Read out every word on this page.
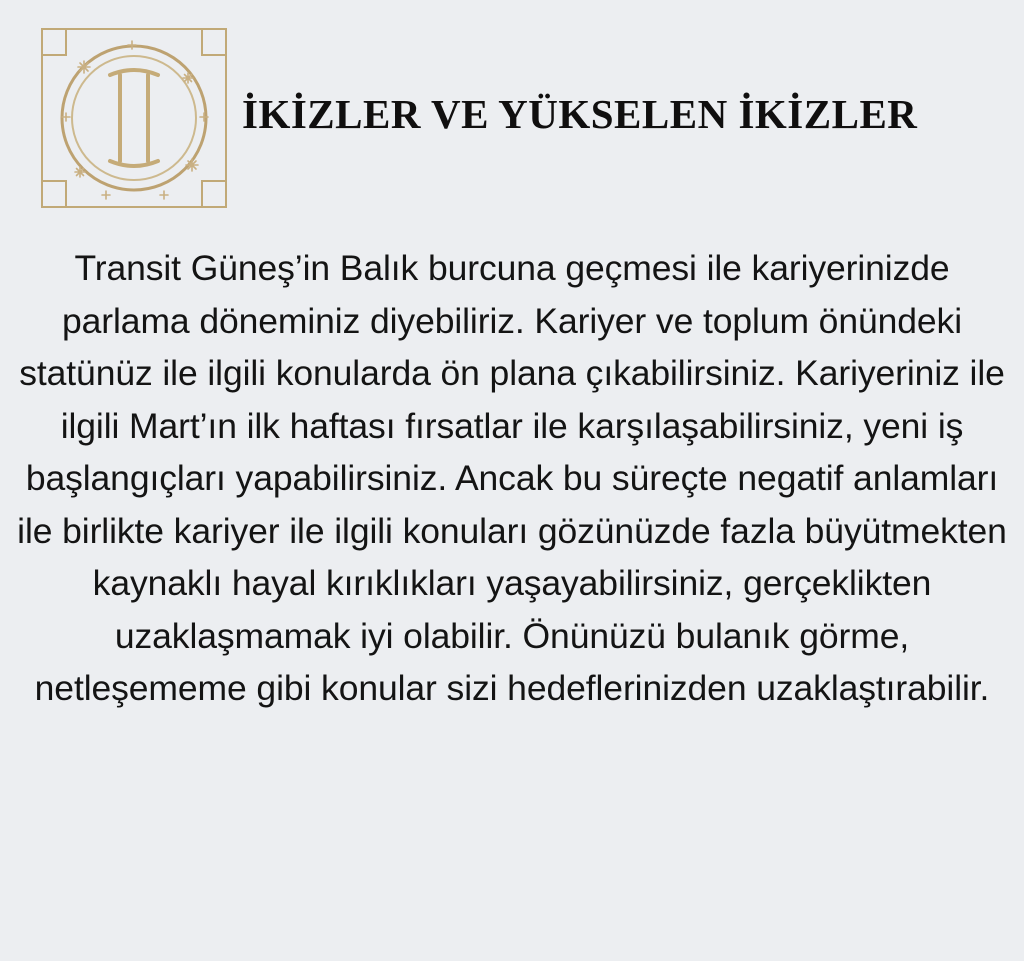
İKİZLER VE YÜKSELEN İKİZLER

Transit Güneş’in Balık burcuna geçmesi ile kariyerinizde parlama döneminiz diyebiliriz. Kariyer ve toplum önündeki statünüz ile ilgili konularda ön plana çıkabilirsiniz. Kariyeriniz ile ilgili Mart’ın ilk haftası fırsatlar ile karşılaşabilirsiniz, yeni iş başlangıçları yapabilirsiniz. Ancak bu süreçte negatif anlamları ile birlikte kariyer ile ilgili konuları gözünüzde fazla büyütmekten kaynaklı hayal kırıklıkları yaşayabilirsiniz, gerçeklikten uzaklaşmamak iyi olabilir. Önünüzü bulanık görme, netleşememe gibi konular sizi hedeflerinizden uzaklaştırabilir.
